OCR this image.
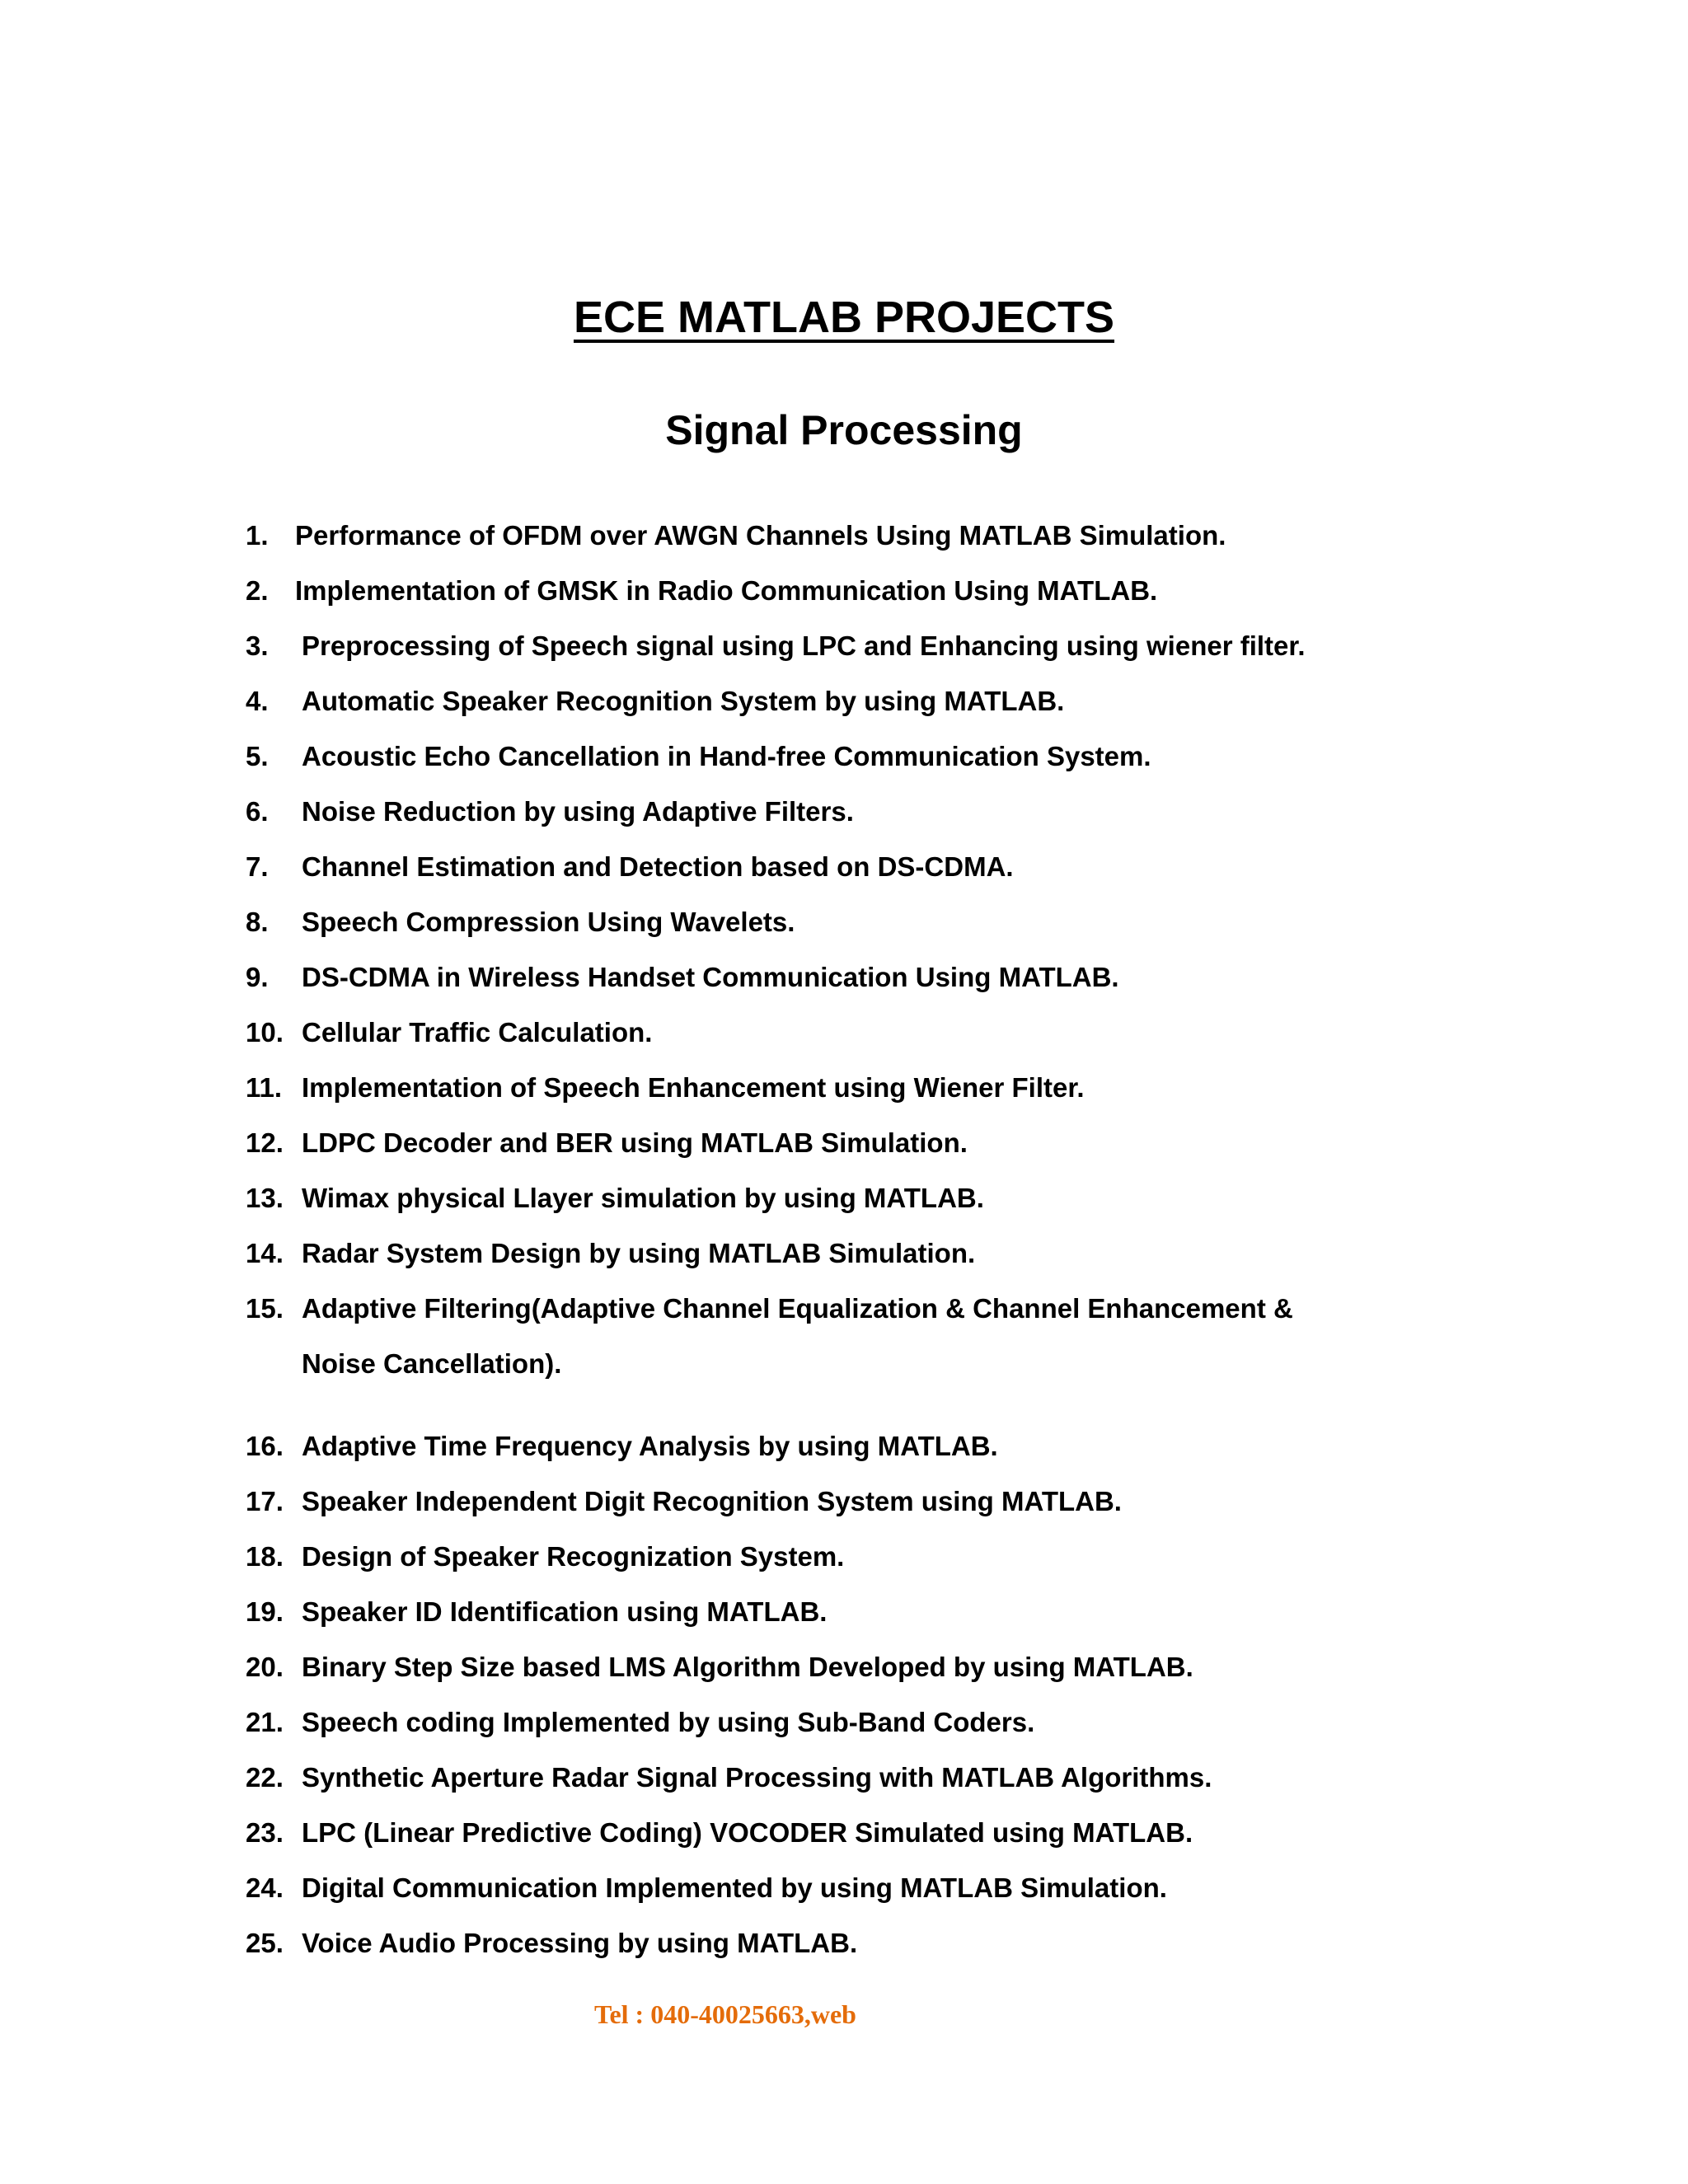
ECE MATLAB PROJECTS
Signal Processing
1. Performance of OFDM over AWGN Channels Using MATLAB Simulation.
2. Implementation of GMSK in Radio Communication Using MATLAB.
3.	Preprocessing of Speech signal using LPC and Enhancing using wiener filter.
4.	Automatic Speaker Recognition System by using MATLAB.
5.	Acoustic Echo Cancellation in Hand-free Communication System.
6.	Noise Reduction by using Adaptive Filters.
7.	Channel Estimation and Detection based on DS-CDMA.
8.	Speech Compression Using Wavelets.
9.	DS-CDMA in Wireless Handset Communication Using MATLAB.
10. Cellular Traffic Calculation.
11. Implementation of Speech Enhancement using Wiener Filter.
12. LDPC Decoder and BER using MATLAB Simulation.
13. Wimax physical Llayer simulation by using MATLAB.
14. Radar System Design by using MATLAB Simulation.
15. Adaptive Filtering(Adaptive Channel Equalization & Channel Enhancement & Noise Cancellation).
16. Adaptive Time Frequency Analysis by using MATLAB.
17. Speaker Independent Digit Recognition System using MATLAB.
18. Design of Speaker Recognization System.
19. Speaker ID Identification using MATLAB.
20. Binary Step Size based LMS Algorithm Developed by using MATLAB.
21. Speech coding Implemented by using Sub-Band Coders.
22. Synthetic Aperture Radar Signal Processing with MATLAB Algorithms.
23. LPC (Linear Predictive Coding) VOCODER Simulated using MATLAB.
24. Digital Communication Implemented by using MATLAB Simulation.
25. Voice Audio Processing by using MATLAB.
Tel : 040-40025663,web
